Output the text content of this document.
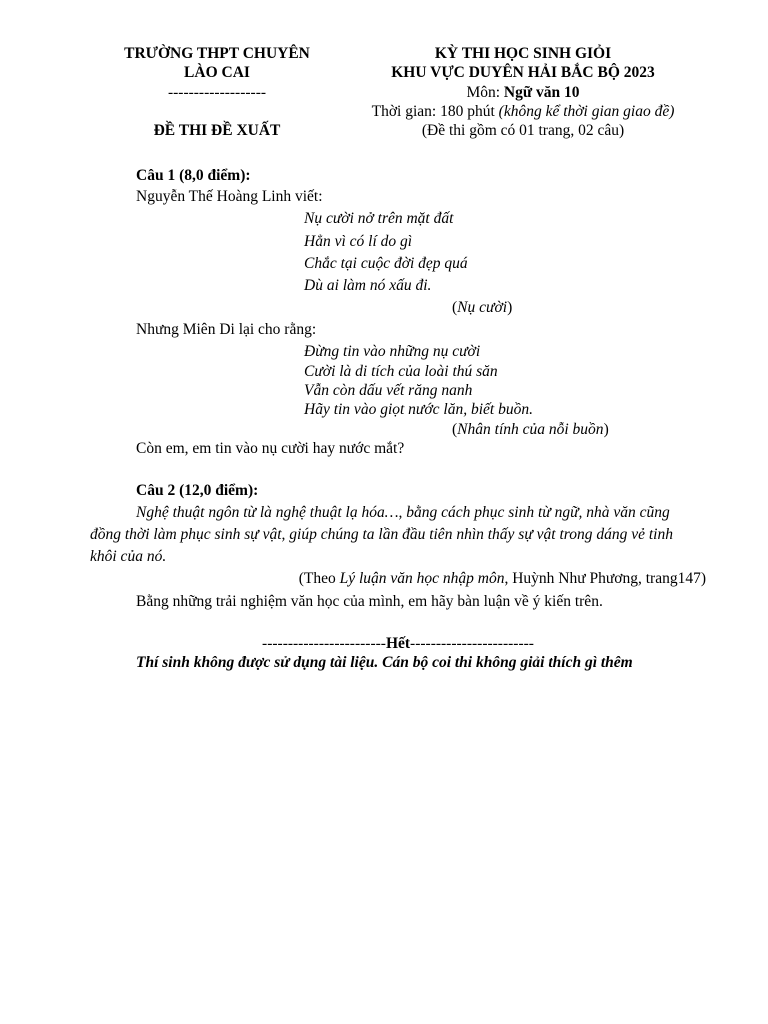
TRƯỜNG THPT CHUYÊN
LÀO CAI
-------------------
ĐỀ THI ĐỀ XUẤT
KỲ THI HỌC SINH GIỎI
KHU VỰC DUYÊN HẢI BẮC BỘ 2023
Môn: Ngữ văn 10
Thời gian: 180 phút (không kể thời gian giao đề)
(Đề thi gồm có 01 trang, 02 câu)
Câu 1 (8,0 điểm):
Nguyễn Thế Hoàng Linh viết:
Nụ cười nở trên mặt đất
Hẳn vì có lí do gì
Chắc tại cuộc đời đẹp quá
Dù ai làm nó xấu đi.
(Nụ cười)
Nhưng Miên Di lại cho rằng:
Đừng tin vào những nụ cười
Cười là di tích của loài thú săn
Vẫn còn dấu vết răng nanh
Hãy tin vào giọt nước lăn, biết buồn.
(Nhân tính của nỗi buồn)
Còn em, em tin vào nụ cười hay nước mắt?
Câu 2 (12,0 điểm):
Nghệ thuật ngôn từ là nghệ thuật lạ hóa…, bằng cách phục sinh từ ngữ, nhà văn cũng
đồng thời làm phục sinh sự vật, giúp chúng ta lần đầu tiên nhìn thấy sự vật trong dáng vẻ tinh
khôi của nó.
(Theo Lý luận văn học nhập môn, Huỳnh Như Phương, trang147)
Bằng những trải nghiệm văn học của mình, em hãy bàn luận về ý kiến trên.
------------------------Hết------------------------
Thí sinh không được sử dụng tài liệu. Cán bộ coi thi không giải thích gì thêm
